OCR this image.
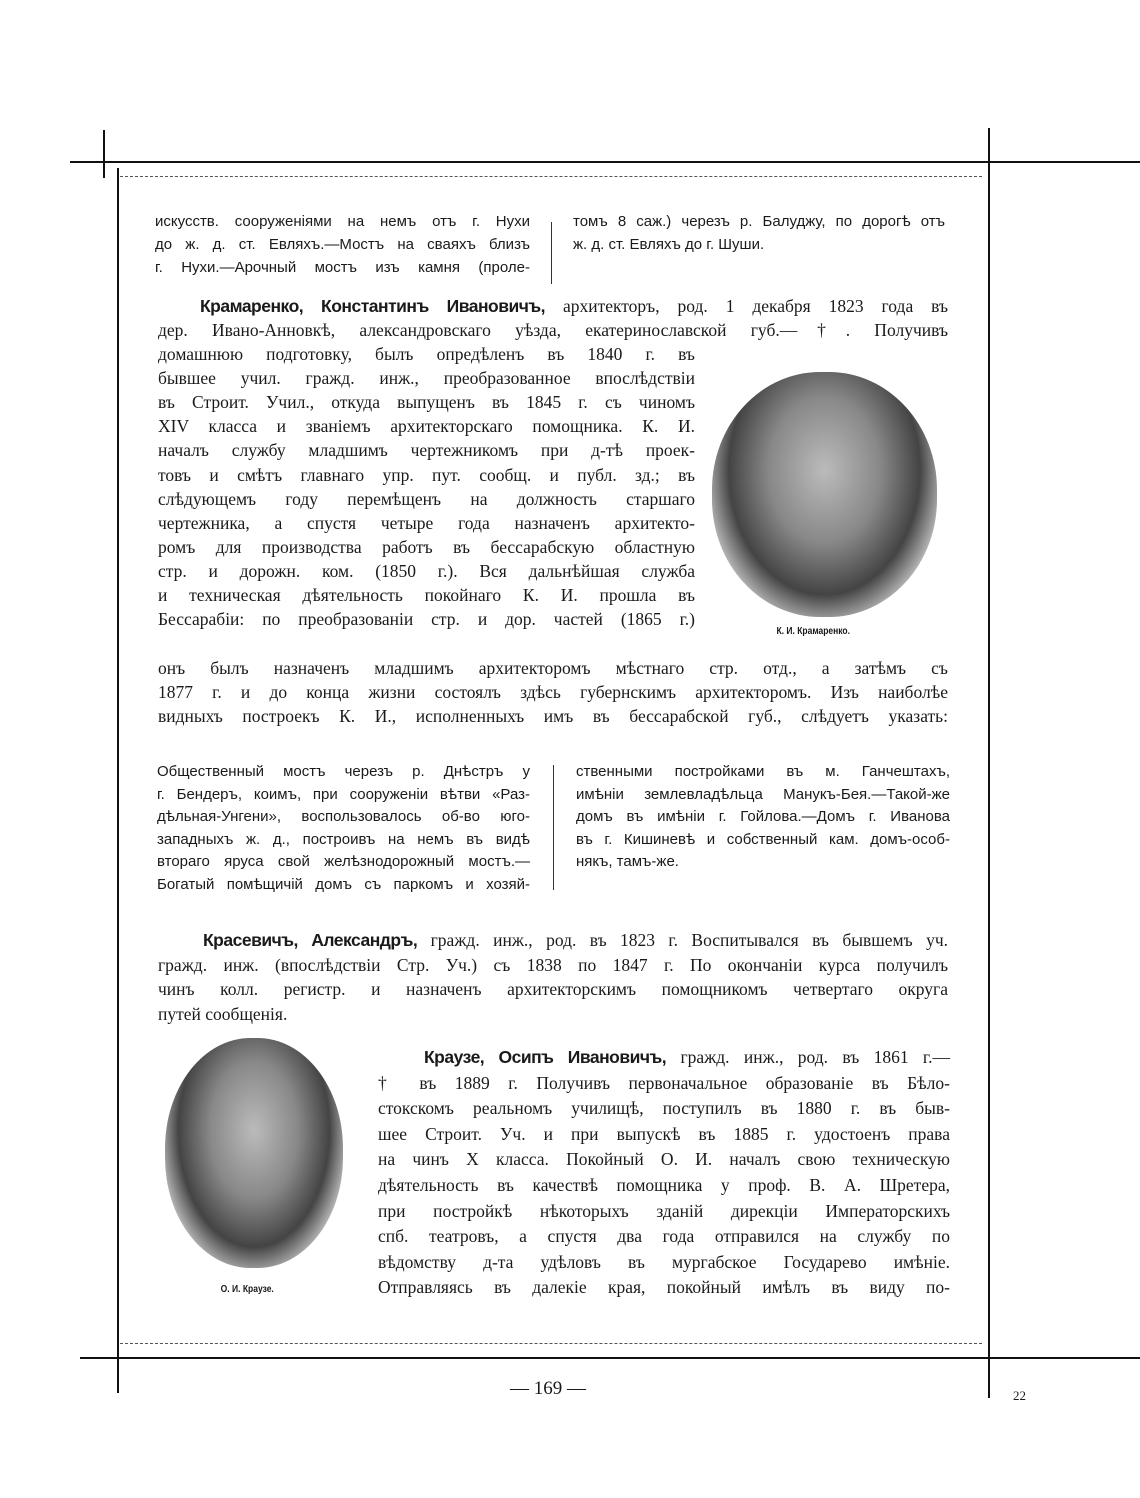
К. И. Крамаренко.
О. И. Краузе.
искусств. сооруженiями на немъ отъ г. Нухи
до ж. д. ст. Евляхъ.—Мостъ на сваяхъ близъ
г. Нухи.—Арочный мостъ изъ камня (проле-
томъ 8 саж.) черезъ р. Балуджу, по дорогѣ отъ
ж. д. ст. Евляхъ до г. Шуши.
Крамаренко, Константинъ Ивановичъ, архитекторъ, род. 1 декабря 1823 года въ
дер. Ивано-Анновкѣ, александровскаго уѣзда, екатеринославской губ.—†. Получивъ
домашнюю подготовку, былъ опредѣленъ въ 1840 г. въ
бывшее учил. гражд. инж., преобразованное впослѣдствiи
въ Строит. Учил., откуда выпущенъ въ 1845 г. съ чиномъ
XIV класса и званiемъ архитекторскаго помощника. К. И.
началъ службу младшимъ чертежникомъ при д-тѣ проек-
товъ и смѣтъ главнаго упр. пут. сообщ. и публ. зд.; въ
слѣдующемъ году перемѣщенъ на должность старшаго
чертежника, а спустя четыре года назначенъ архитекто-
ромъ для производства работъ въ бессарабскую областную
стр. и дорожн. ком. (1850 г.). Вся дальнѣйшая служба
и техническая дѣятельность покойнаго К. И. прошла въ
Бессарабiи: по преобразованiи стр. и дор. частей (1865 г.)
онъ былъ назначенъ младшимъ архитекторомъ мѣстнаго стр. отд., а затѣмъ съ
1877 г. и до конца жизни состоялъ здѣсь губернскимъ архитекторомъ. Изъ наиболѣе
видныхъ построекъ К. И., исполненныхъ имъ въ бессарабской губ., слѣдуетъ указать:
Общественный мостъ черезъ р. Днѣстръ у
г. Бендеръ, коимъ, при сооруженiи вѣтви «Раз-
дѣльная-Унгени», воспользовалось об-во юго-
западныхъ ж. д., построивъ на немъ въ видѣ
втораго яруса свой желѣзнодорожный мостъ.—
Богатый помѣщичiй домъ съ паркомъ и хозяй-
ственными постройками въ м. Ганчештахъ,
имѣнiи землевладѣльца Манукъ-Бея.—Такой-же
домъ въ имѣнiи г. Гойлова.—Домъ г. Иванова
въ г. Кишиневѣ и собственный кам. домъ-особ-
някъ, тамъ-же.
Красевичъ, Александръ, гражд. инж., род. въ 1823 г. Воспитывался въ бывшемъ уч.
гражд. инж. (впослѣдствiи Стр. Уч.) съ 1838 по 1847 г. По окончанiи курса получилъ
чинъ колл. регистр. и назначенъ архитекторскимъ помощникомъ четвертаго округа
путей сообщенiя.
Краузе, Осипъ Ивановичъ, гражд. инж., род. въ 1861 г.—
† въ 1889 г. Получивъ первоначальное образованiе въ Бѣло-
стокскомъ реальномъ училищѣ, поступилъ въ 1880 г. въ быв-
шее Строит. Уч. и при выпускѣ въ 1885 г. удостоенъ права
на чинъ X класса. Покойный О. И. началъ свою техническую
дѣятельность въ качествѣ помощника у проф. В. А. Шретера,
при постройкѣ нѣкоторыхъ зданiй дирекцiи Императорскихъ
спб. театровъ, а спустя два года отправился на службу по
вѣдомству д-та удѣловъ въ мургабское Государево имѣнiе.
Отправляясь въ далекiе края, покойный имѣлъ въ виду по-
— 169 —	22
